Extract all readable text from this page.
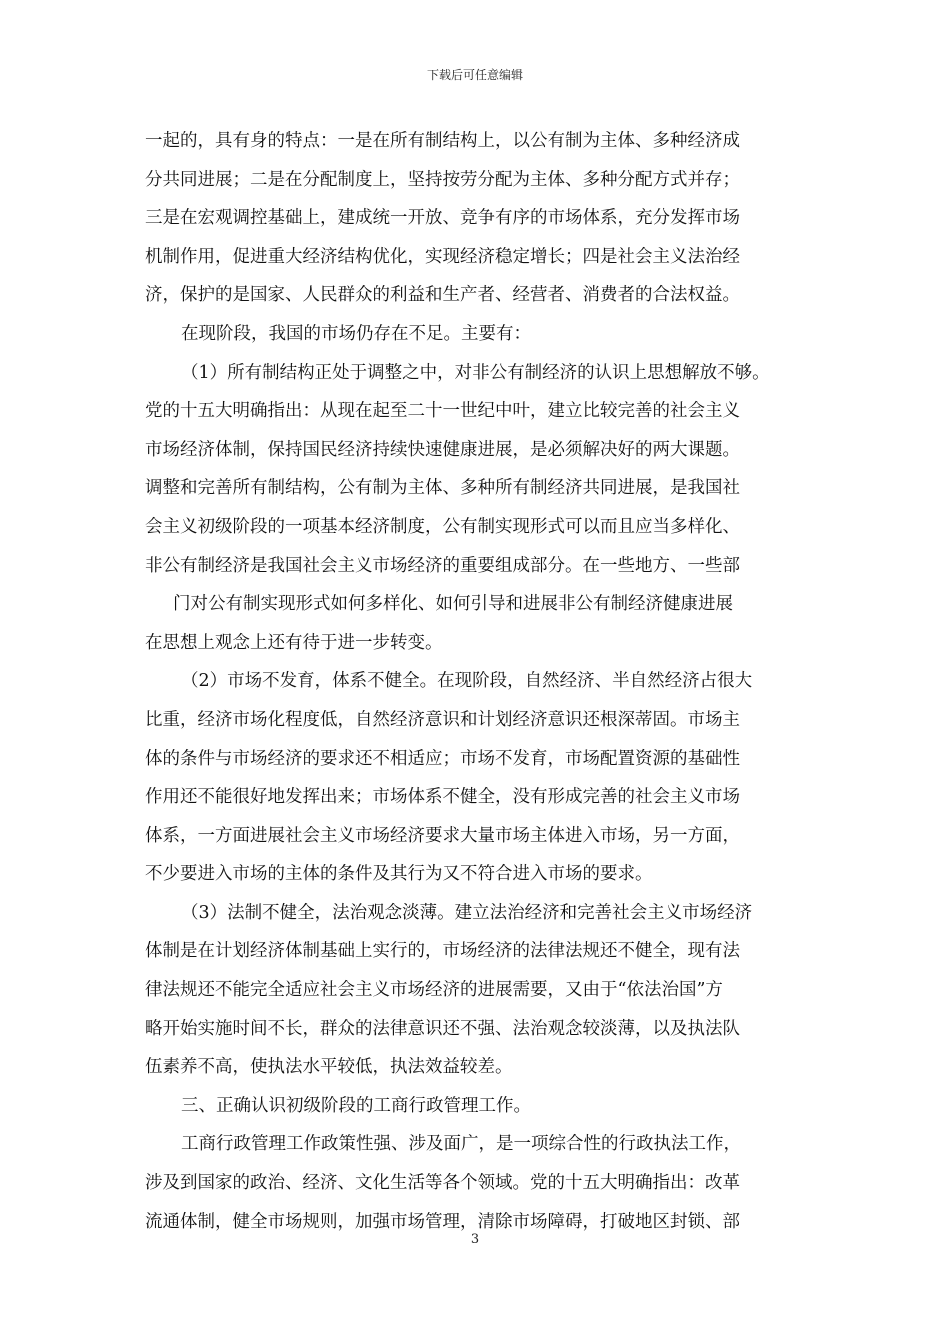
下载后可任意编辑
一起的，具有身的特点：一是在所有制结构上，以公有制为主体、多种经济成
分共同进展；二是在分配制度上，坚持按劳分配为主体、多种分配方式并存；
三是在宏观调控基础上，建成统一开放、竞争有序的市场体系，充分发挥市场
机制作用，促进重大经济结构优化，实现经济稳定增长；四是社会主义法治经
济，保护的是国家、人民群众的利益和生产者、经营者、消费者的合法权益。
在现阶段，我国的市场仍存在不足。主要有：
（1）所有制结构正处于调整之中，对非公有制经济的认识上思想解放不够。
党的十五大明确指出：从现在起至二十一世纪中叶，建立比较完善的社会主义
市场经济体制，保持国民经济持续快速健康进展，是必须解决好的两大课题。
调整和完善所有制结构，公有制为主体、多种所有制经济共同进展，是我国社
会主义初级阶段的一项基本经济制度，公有制实现形式可以而且应当多样化、
非公有制经济是我国社会主义市场经济的重要组成部分。在一些地方、一些部
门对公有制实现形式如何多样化、如何引导和进展非公有制经济健康进展
在思想上观念上还有待于进一步转变。
（2）市场不发育，体系不健全。在现阶段，自然经济、半自然经济占很大
比重，经济市场化程度低，自然经济意识和计划经济意识还根深蒂固。市场主
体的条件与市场经济的要求还不相适应；市场不发育，市场配置资源的基础性
作用还不能很好地发挥出来；市场体系不健全，没有形成完善的社会主义市场
体系，一方面进展社会主义市场经济要求大量市场主体进入市场，另一方面，
不少要进入市场的主体的条件及其行为又不符合进入市场的要求。
（3）法制不健全，法治观念淡薄。建立法治经济和完善社会主义市场经济
体制是在计划经济体制基础上实行的，市场经济的法律法规还不健全，现有法
律法规还不能完全适应社会主义市场经济的进展需要，又由于“依法治国”方
略开始实施时间不长，群众的法律意识还不强、法治观念较淡薄，以及执法队
伍素养不高，使执法水平较低，执法效益较差。
三、正确认识初级阶段的工商行政管理工作。
工商行政管理工作政策性强、涉及面广，是一项综合性的行政执法工作，
涉及到国家的政治、经济、文化生活等各个领域。党的十五大明确指出：改革
流通体制，健全市场规则，加强市场管理，清除市场障碍，打破地区封锁、部
3
